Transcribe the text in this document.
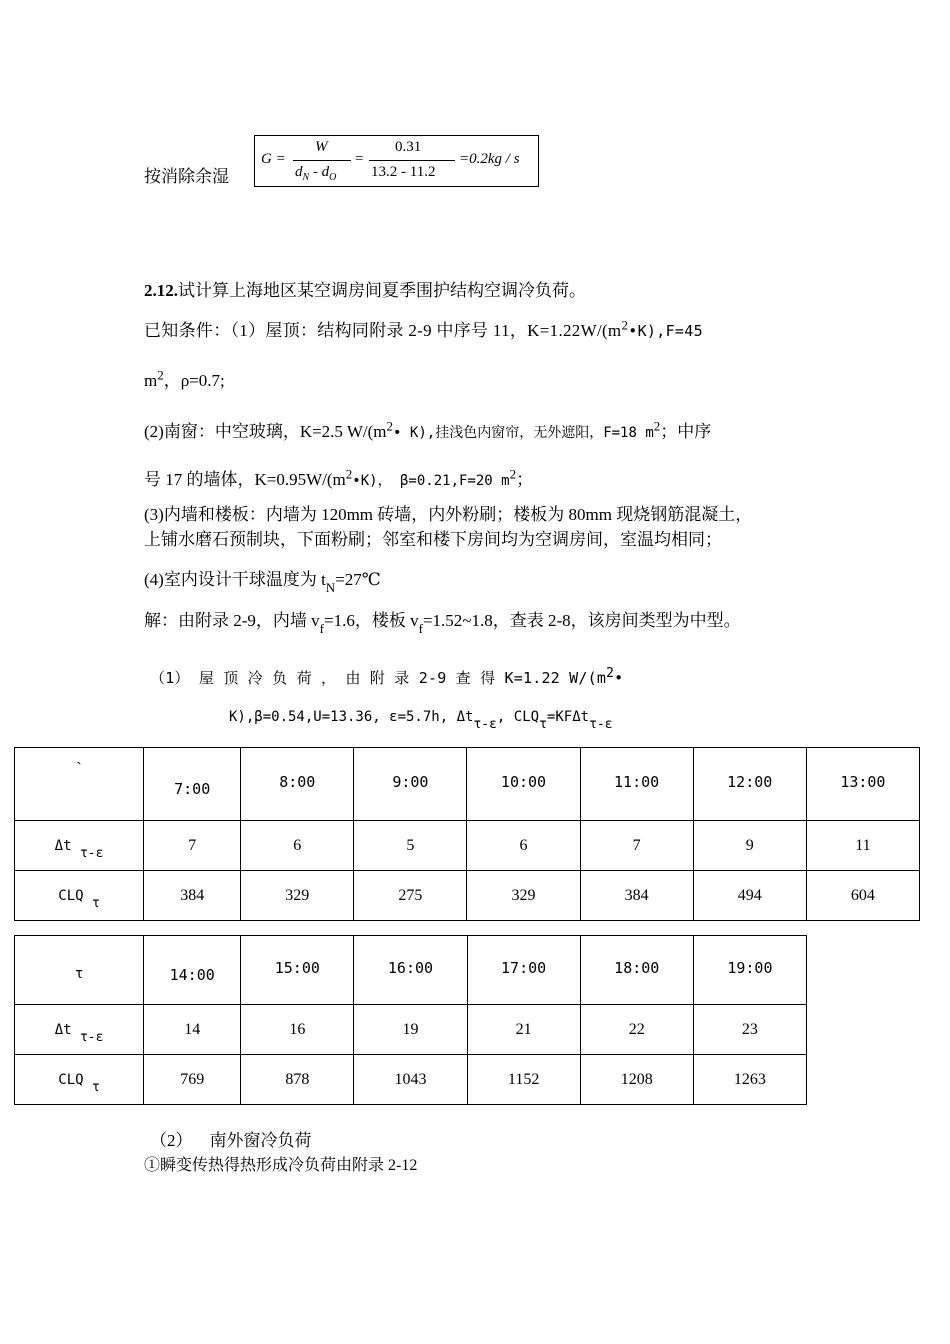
按消除余湿
G =
W
$d_N - d_O$
=
0.31
13.2 - 11.2
=0.2kg / s
2.12.试计算上海地区某空调房间夏季围护结构空调冷负荷。
已知条件：（1）屋顶：结构同附录 2-9 中序号 11，$K=1.22W/(m^2•K),F=45$
$m^2$，ρ=0.7;
(2)南窗：中空玻璃，K=2.5 $W/(m^2•$ K),挂浅色内窗帘，无外遮阳，F=18 $m^2$；中序
号 17 的墙体，$K=0.95W/(m^2•K)$， β=0.21,F=20 $m^2$；
(3)内墙和楼板：内墙为 120mm 砖墙，内外粉刷；楼板为 80mm 现烧钢筋混凝土，
上铺水磨石预制块，下面粉刷；邻室和楼下房间均为空调房间，室温均相同；
(4)室内设计干球温度为 $t_N=27℃$
解：由附录 2-9，内墙 $v_f=1.6$，楼板 $v_f=1.52\sim 1.8$，查表 2-8，该房间类型为中型。
（1） 屋 顶 冷 负 荷 ， 由 附 录 2-9 查 得 K=1.22 $W/(m^2•$
K),β=0.54,U=13.36, ε=5.7h, Δtτ-ε, CLQτ=KFΔtτ-ε
`	7:00	8:00	9:00	10:00	11:00	12:00	13:00
Δt τ-ε	7	6	5	6	7	9	11
CLQ τ	384	329	275	329	384	494	604
τ	14:00	15:00	16:00	17:00	18:00	19:00
Δt τ-ε	14	16	19	21	22	23
CLQ τ	769	878	1043	1152	1208	1263
（2）    南外窗冷负荷
①瞬变传热得热形成冷负荷由附录 2-12
